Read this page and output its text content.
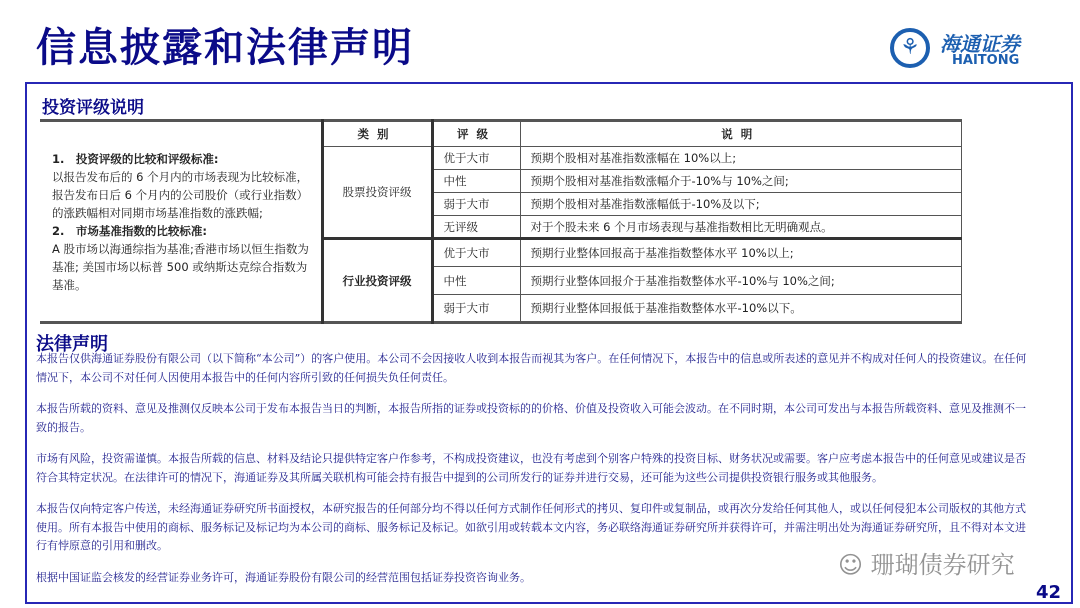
信息披露和法律声明	⚘	海通证券
HAITONG
投资评级说明
1.　投资评级的比较和评级标准:
以报告发布后的 6 个月内的市场表现为比较标准，报告发布日后 6 个月内的公司股价（或行业指数）的涨跌幅相对同期市场基准指数的涨跌幅;
2.　市场基准指数的比较标准:
A 股市场以海通综指为基准;香港市场以恒生指数为基准; 美国市场以标普 500 或纳斯达克综合指数为基准。	类别	评级	说明
	股票投资评级	优于大市	预期个股相对基准指数涨幅在 10%以上;
		中性	预期个股相对基准指数涨幅介于-10%与 10%之间;
		弱于大市	预期个股相对基准指数涨幅低于-10%及以下;
		无评级	对于个股未来 6 个月市场表现与基准指数相比无明确观点。
	行业投资评级	优于大市	预期行业整体回报高于基准指数整体水平 10%以上;
		中性	预期行业整体回报介于基准指数整体水平-10%与 10%之间;
		弱于大市	预期行业整体回报低于基准指数整体水平-10%以下。
法律声明

本报告仅供海通证券股份有限公司（以下简称“本公司”）的客户使用。本公司不会因接收人收到本报告而视其为客户。在任何情况下，本报告中的信息或所表述的意见并不构成对任何人的投资建议。在任何情况下，本公司不对任何人因使用本报告中的任何内容所引致的任何损失负任何责任。

本报告所载的资料、意见及推测仅反映本公司于发布本报告当日的判断，本报告所指的证券或投资标的的价格、价值及投资收入可能会波动。在不同时期，本公司可发出与本报告所载资料、意见及推测不一致的报告。

市场有风险，投资需谨慎。本报告所载的信息、材料及结论只提供特定客户作参考，不构成投资建议，也没有考虑到个别客户特殊的投资目标、财务状况或需要。客户应考虑本报告中的任何意见或建议是否符合其特定状况。在法律许可的情况下，海通证券及其所属关联机构可能会持有报告中提到的公司所发行的证券并进行交易，还可能为这些公司提供投资银行服务或其他服务。

本报告仅向特定客户传送，未经海通证券研究所书面授权，本研究报告的任何部分均不得以任何方式制作任何形式的拷贝、复印件或复制品，或再次分发给任何其他人，或以任何侵犯本公司版权的其他方式使用。所有本报告中使用的商标、服务标记及标记均为本公司的商标、服务标记及标记。如欲引用或转载本文内容，务必联络海通证券研究所并获得许可，并需注明出处为海通证券研究所，且不得对本文进行有悖原意的引用和删改。

根据中国证监会核发的经营证券业务许可，海通证券股份有限公司的经营范围包括证券投资咨询业务。	☺ 珊瑚债券研究
42
